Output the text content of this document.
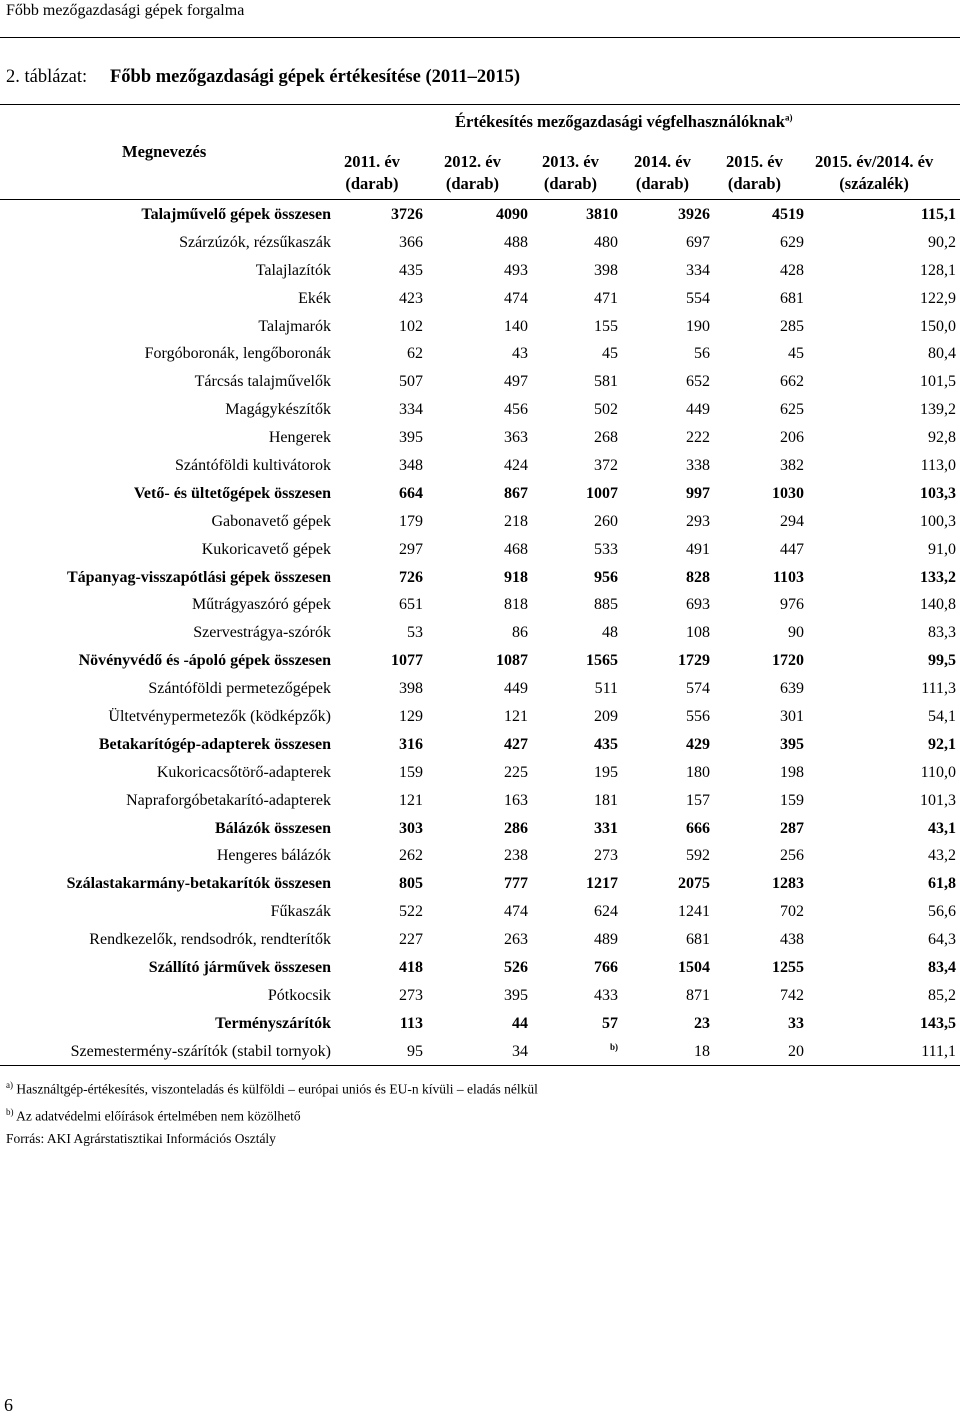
Főbb mezőgazdasági gépek forgalma
2. táblázat: Főbb mezőgazdasági gépek értékesítése (2011–2015)
Megnevezés
Értékesítés mezőgazdasági végfelhasználóknak$^{a)}$
2011. év
(darab)
2012. év
(darab)
2013. év
(darab)
2014. év
(darab)
2015. év
(darab)
2015. év/2014. év
(százalék)
Talajművelő gépek összesen	3726	4090	3810	3926	4519	115,1
Szárzúzók, rézsűkaszák	366	488	480	697	629	90,2
Talajlazítók	435	493	398	334	428	128,1
Ekék	423	474	471	554	681	122,9
Talajmarók	102	140	155	190	285	150,0
Forgóboronák, lengőboronák	62	43	45	56	45	80,4
Tárcsás talajművelők	507	497	581	652	662	101,5
Magágykészítők	334	456	502	449	625	139,2
Hengerek	395	363	268	222	206	92,8
Szántóföldi kultivátorok	348	424	372	338	382	113,0
Vető- és ültetőgépek összesen	664	867	1007	997	1030	103,3
Gabonavető gépek	179	218	260	293	294	100,3
Kukoricavető gépek	297	468	533	491	447	91,0
Tápanyag-visszapótlási gépek összesen	726	918	956	828	1103	133,2
Műtrágyaszóró gépek	651	818	885	693	976	140,8
Szervestrágya-szórók	53	86	48	108	90	83,3
Növényvédő és -ápoló gépek összesen	1077	1087	1565	1729	1720	99,5
Szántóföldi permetezőgépek	398	449	511	574	639	111,3
Ültetvénypermetezők (ködképzők)	129	121	209	556	301	54,1
Betakarítógép-adapterek összesen	316	427	435	429	395	92,1
Kukoricacsőtörő-adapterek	159	225	195	180	198	110,0
Napraforgóbetakarító-adapterek	121	163	181	157	159	101,3
Bálázók összesen	303	286	331	666	287	43,1
Hengeres bálázók	262	238	273	592	256	43,2
Szálastakarmány-betakarítók összesen	805	777	1217	2075	1283	61,8
Fűkaszák	522	474	624	1241	702	56,6
Rendkezelők, rendsodrók, rendterítők	227	263	489	681	438	64,3
Szállító járművek összesen	418	526	766	1504	1255	83,4
Pótkocsik	273	395	433	871	742	85,2
Terményszárítók	113	44	57	23	33	143,5
Szemestermény-szárítók (stabil tornyok)	95	34	$^{b)}$	18	20	111,1
$^{a)}$ Használtgép-értékesítés, viszonteladás és külföldi – európai uniós és EU-n kívüli – eladás nélkül
$^{b)}$ Az adatvédelmi előírások értelmében nem közölhető
Forrás: AKI Agrárstatisztikai Információs Osztály
6
